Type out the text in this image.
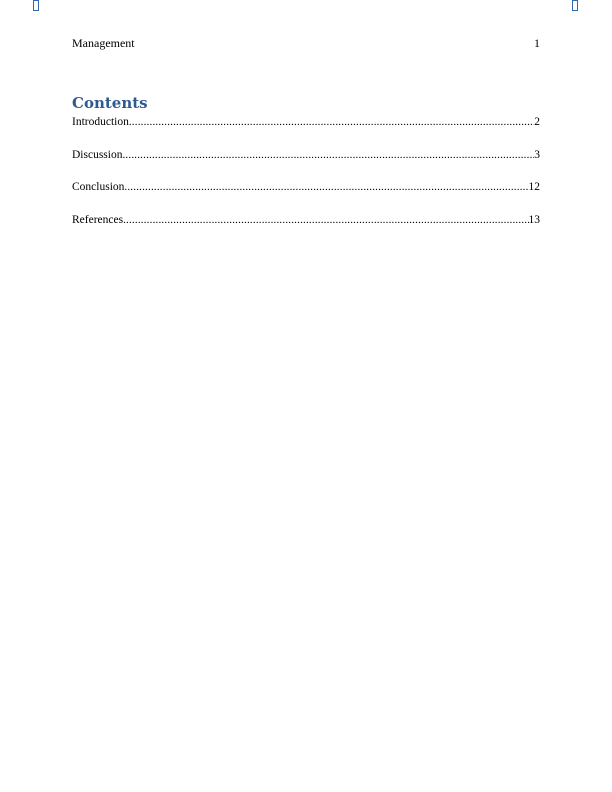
Management	1
Contents
Introduction .....	2
Discussion .....	3
Conclusion .....	12
References .....	13
